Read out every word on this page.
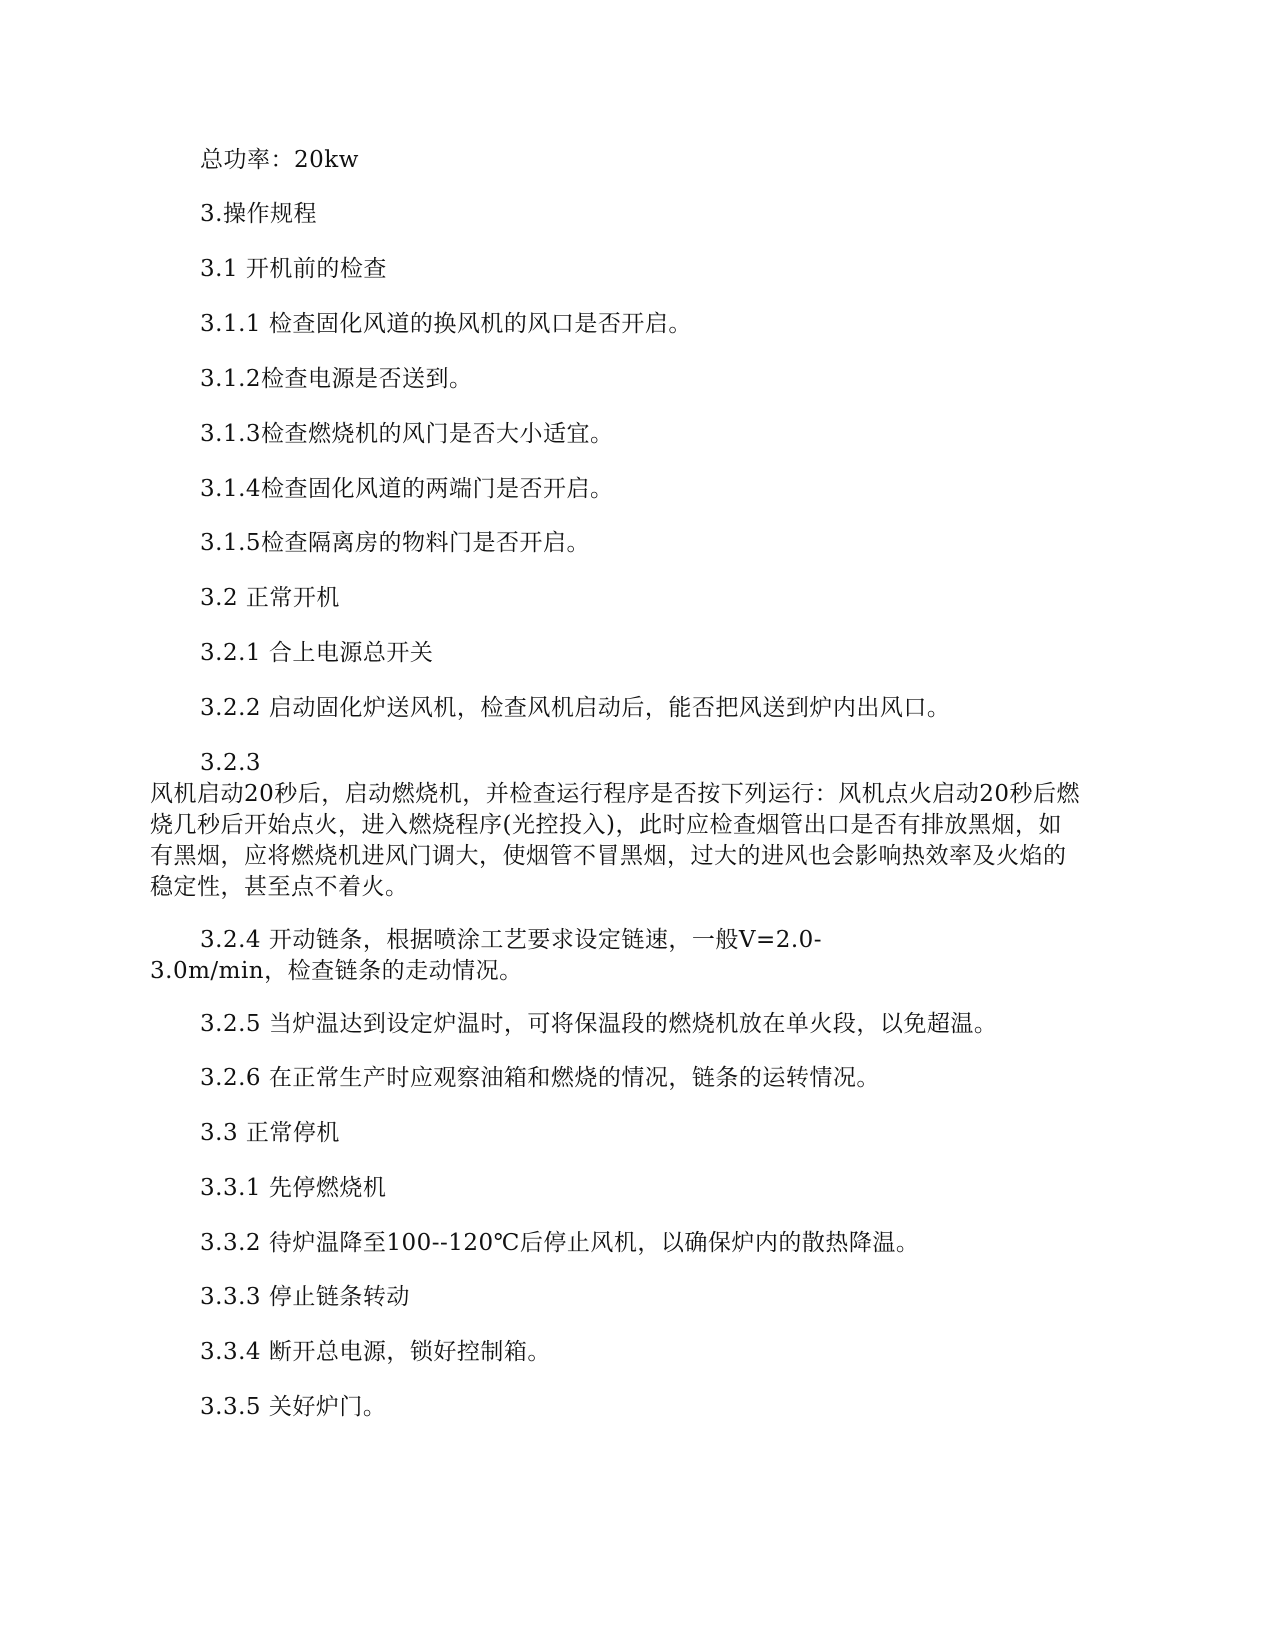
总功率：20kw
3.操作规程
3.1 开机前的检查
3.1.1 检查固化风道的换风机的风口是否开启。
3.1.2检查电源是否送到。
3.1.3检查燃烧机的风门是否大小适宜。
3.1.4检查固化风道的两端门是否开启。
3.1.5检查隔离房的物料门是否开启。
3.2 正常开机
3.2.1 合上电源总开关
3.2.2 启动固化炉送风机，检查风机启动后，能否把风送到炉内出风口。
3.2.3
风机启动20秒后，启动燃烧机，并检查运行程序是否按下列运行：风机点火启动20秒后燃
烧几秒后开始点火，进入燃烧程序(光控投入)，此时应检查烟管出口是否有排放黑烟，如
有黑烟，应将燃烧机进风门调大，使烟管不冒黑烟，过大的进风也会影响热效率及火焰的
稳定性，甚至点不着火。
3.2.4 开动链条，根据喷涂工艺要求设定链速，一般V=2.0-
3.0m/min，检查链条的走动情况。
3.2.5 当炉温达到设定炉温时，可将保温段的燃烧机放在单火段，以免超温。
3.2.6 在正常生产时应观察油箱和燃烧的情况，链条的运转情况。
3.3 正常停机
3.3.1 先停燃烧机
3.3.2 待炉温降至100--120℃后停止风机，以确保炉内的散热降温。
3.3.3 停止链条转动
3.3.4 断开总电源，锁好控制箱。
3.3.5 关好炉门。
